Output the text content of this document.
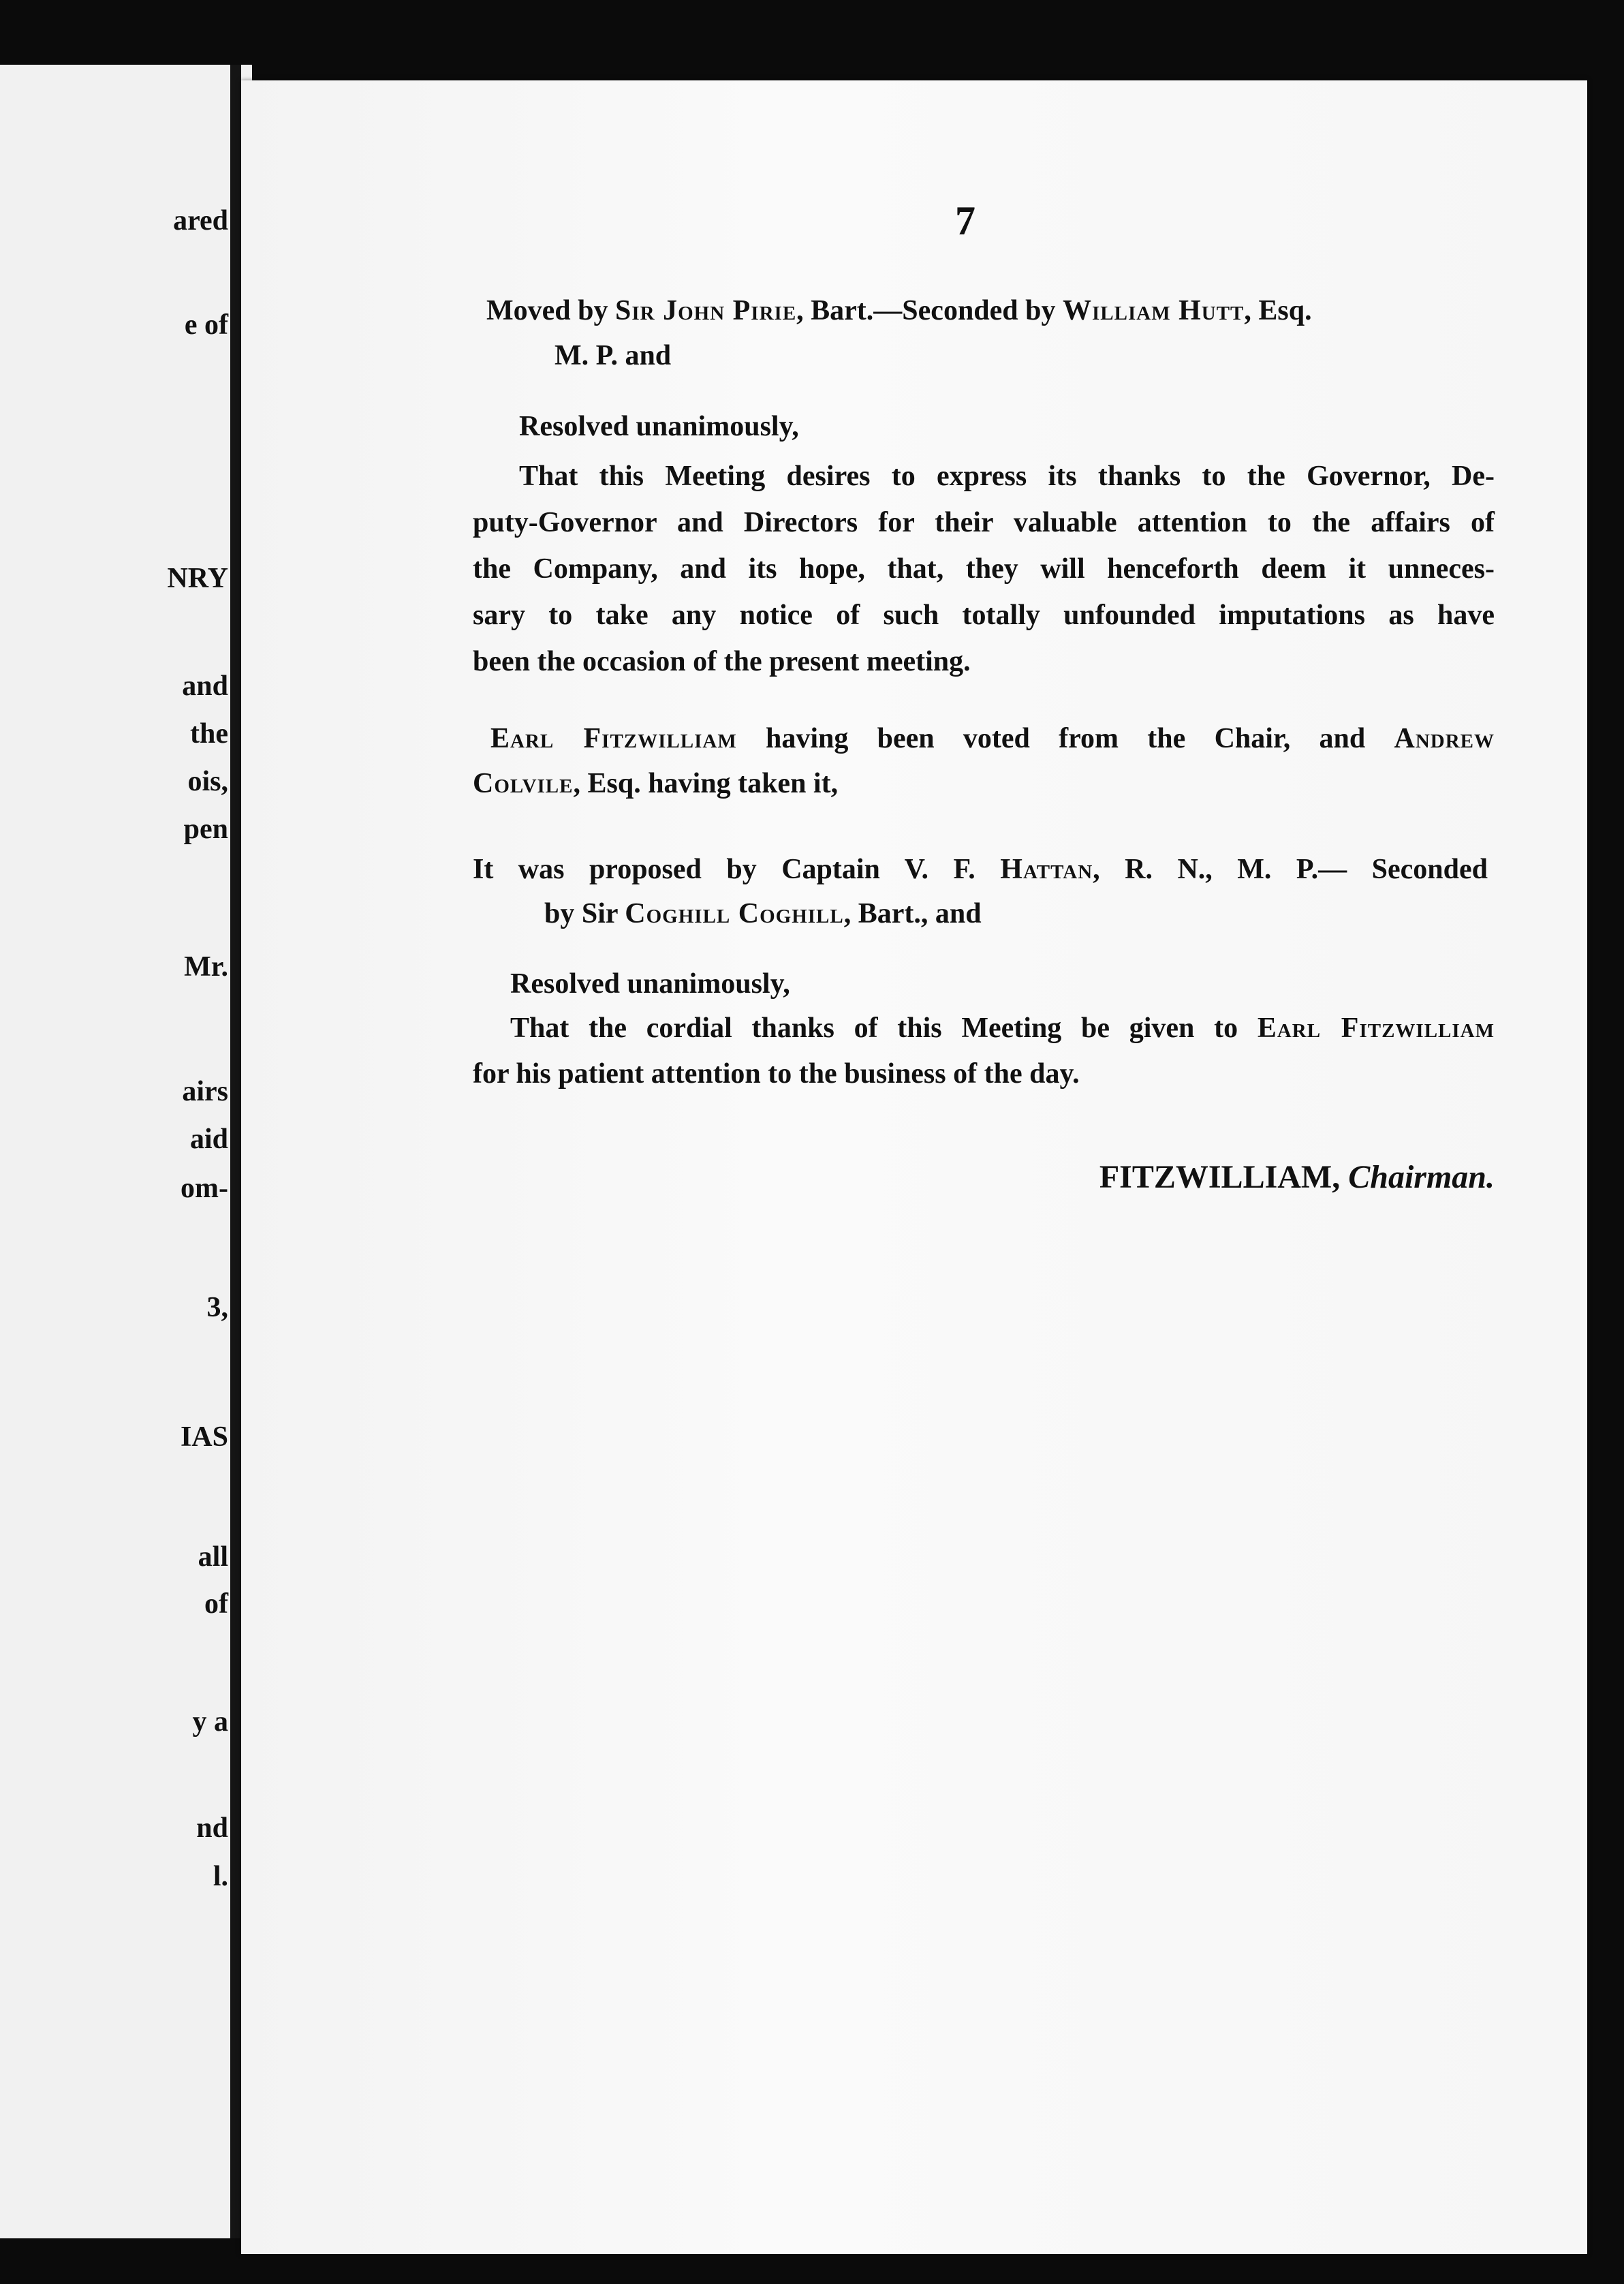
ared
e of
NRY
and
the
ois,
pen
Mr.
airs
aid
om-
3,
IAS
all
of
y a
nd
l.
7
Moved by Sir John Pirie, Bart.—Seconded by William Hutt, Esq.
M. P. and
Resolved unanimously,
That this Meeting desires to express its thanks to the Governor, De-
puty-Governor and Directors for their valuable attention to the affairs of
the Company, and its hope, that, they will henceforth deem it unneces-
sary to take any notice of such totally unfounded imputations as have
been the occasion of the present meeting.
Earl Fitzwilliam having been voted from the Chair, and Andrew
Colvile, Esq. having taken it,
It was proposed by Captain V. F. Hattan, R. N., M. P.— Seconded
by Sir Coghill Coghill, Bart., and
Resolved unanimously,
That the cordial thanks of this Meeting be given to Earl Fitzwilliam
for his patient attention to the business of the day.
FITZWILLIAM, Chairman.
